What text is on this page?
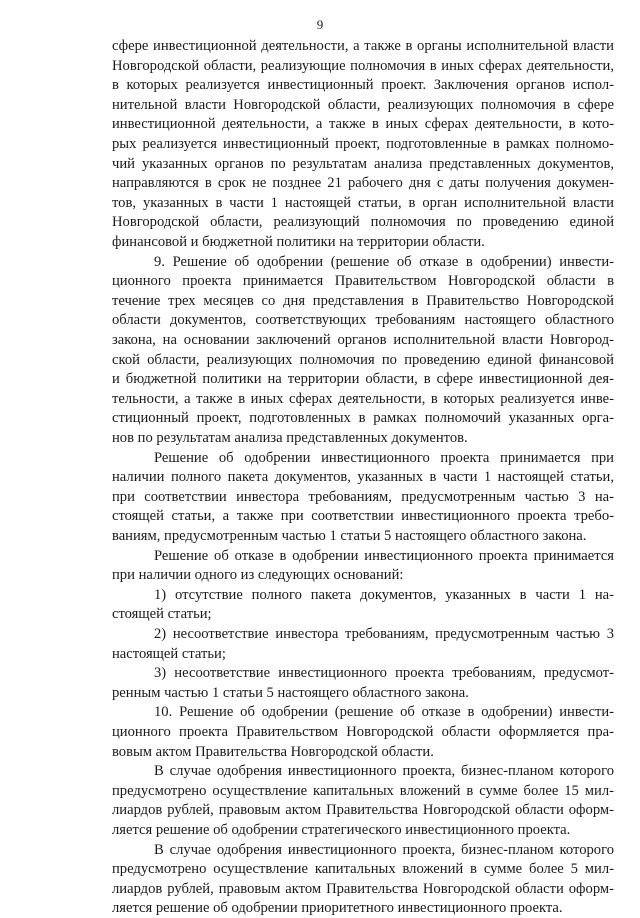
9
сфере инвестиционной деятельности, а также в органы исполнительной власти
Новгородской области, реализующие полномочия в иных сферах деятельности,
в которых реализуется инвестиционный проект. Заключения органов испол-
нительной власти Новгородской области, реализующих полномочия в сфере
инвестиционной деятельности, а также в иных сферах деятельности, в кото-
рых реализуется инвестиционный проект, подготовленные в рамках полномо-
чий указанных органов по результатам анализа представленных документов,
направляются в срок не позднее 21 рабочего дня с даты получения докумен-
тов, указанных в части 1 настоящей статьи, в орган исполнительной власти
Новгородской области, реализующий полномочия по проведению единой
финансовой и бюджетной политики на территории области.
9. Решение об одобрении (решение об отказе в одобрении) инвести-
ционного проекта принимается Правительством Новгородской области в
течение трех месяцев со дня представления в Правительство Новгородской
области документов, соответствующих требованиям настоящего областного
закона, на основании заключений органов исполнительной власти Новгород-
ской области, реализующих полномочия по проведению единой финансовой
и бюджетной политики на территории области, в сфере инвестиционной дея-
тельности, а также в иных сферах деятельности, в которых реализуется инве-
стиционный проект, подготовленных в рамках полномочий указанных орга-
нов по результатам анализа представленных документов.
Решение об одобрении инвестиционного проекта принимается при
наличии полного пакета документов, указанных в части 1 настоящей статьи,
при соответствии инвестора требованиям, предусмотренным частью 3 на-
стоящей статьи, а также при соответствии инвестиционного проекта требо-
ваниям, предусмотренным частью 1 статьи 5 настоящего областного закона.
Решение об отказе в одобрении инвестиционного проекта принимается
при наличии одного из следующих оснований:
1) отсутствие полного пакета документов, указанных в части 1 на-
стоящей статьи;
2) несоответствие инвестора требованиям, предусмотренным частью 3
настоящей статьи;
3) несоответствие инвестиционного проекта требованиям, предусмот-
ренным частью 1 статьи 5 настоящего областного закона.
10. Решение об одобрении (решение об отказе в одобрении) инвести-
ционного проекта Правительством Новгородской области оформляется пра-
вовым актом Правительства Новгородской области.
В случае одобрения инвестиционного проекта, бизнес-планом которого
предусмотрено осуществление капитальных вложений в сумме более 15 мил-
лиардов рублей, правовым актом Правительства Новгородской области оформ-
ляется решение об одобрении стратегического инвестиционного проекта.
В случае одобрения инвестиционного проекта, бизнес-планом которого
предусмотрено осуществление капитальных вложений в сумме более 5 мил-
лиардов рублей, правовым актом Правительства Новгородской области оформ-
ляется решение об одобрении приоритетного инвестиционного проекта.
